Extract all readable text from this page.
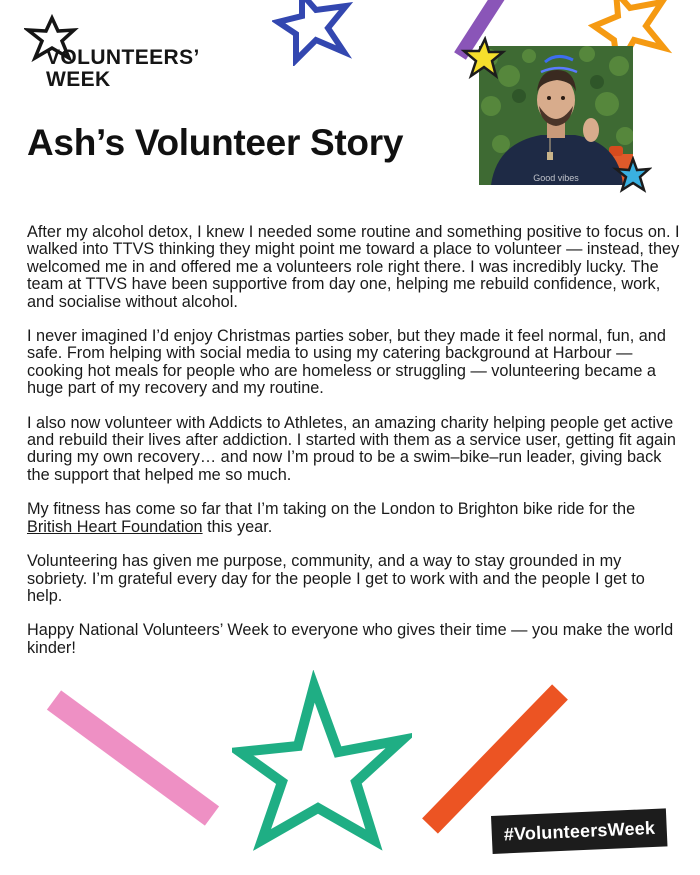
VOLUNTEERS’
WEEK
Good vibes
Ash’s Volunteer Story

After my alcohol detox, I knew I needed some routine and something positive to focus on. I walked into TTVS thinking they might point me toward a place to volunteer — instead, they welcomed me in and offered me a volunteers role right there. I was incredibly lucky. The team at TTVS have been supportive from day one, helping me rebuild confidence, work, and socialise without alcohol.

I never imagined I’d enjoy Christmas parties sober, but they made it feel normal, fun, and safe. From helping with social media to using my catering background at Harbour — cooking hot meals for people who are homeless or struggling — volunteering became a huge part of my recovery and my routine.

I also now volunteer with Addicts to Athletes, an amazing charity helping people get active and rebuild their lives after addiction. I started with them as a service user, getting fit again during my own recovery… and now I’m proud to be a swim–bike–run leader, giving back the support that helped me so much.

My fitness has come so far that I’m taking on the London to Brighton bike ride for the British Heart Foundation this year.

Volunteering has given me purpose, community, and a way to stay grounded in my sobriety. I’m grateful every day for the people I get to work with and the people I get to help.

Happy National Volunteers’ Week to everyone who gives their time — you make the world kinder!

#VolunteersWeek
